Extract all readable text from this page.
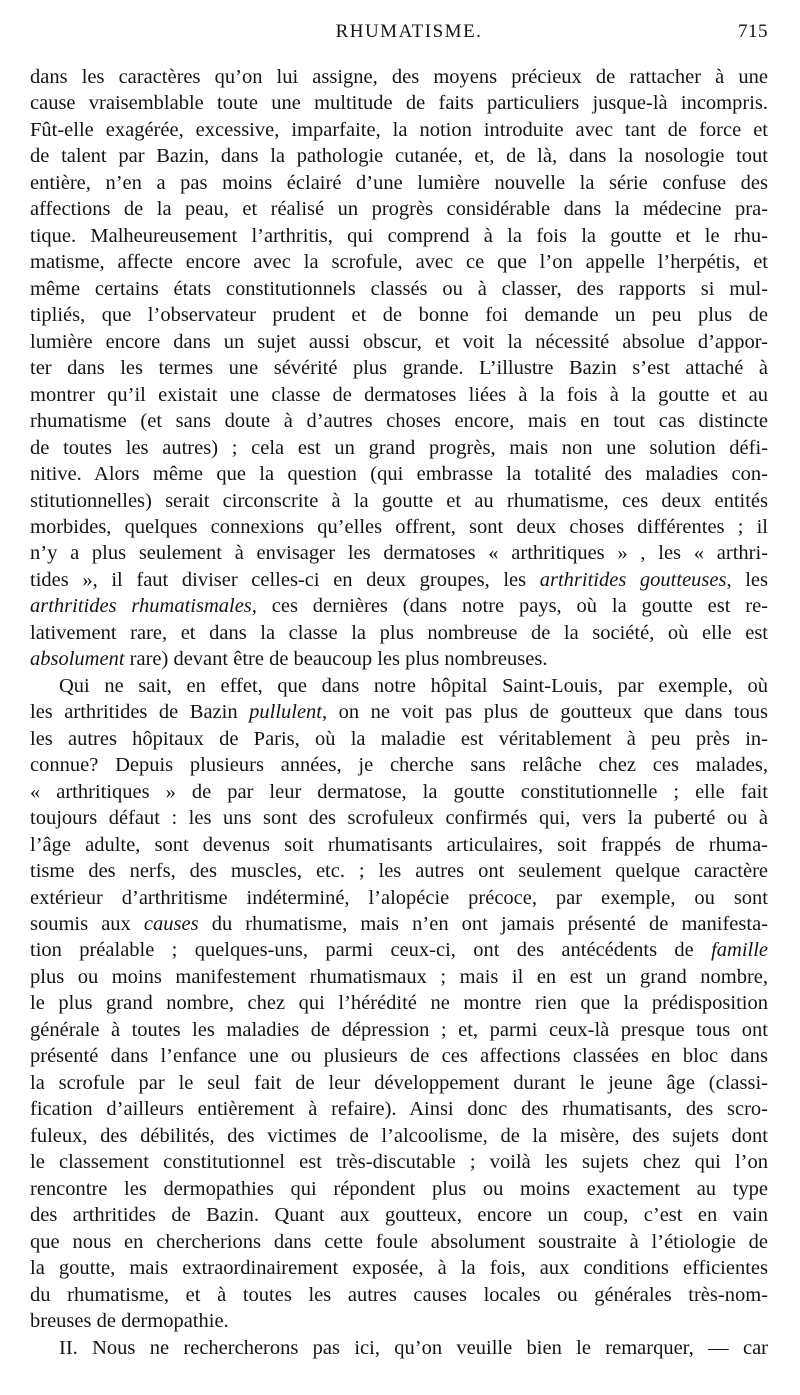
RHUMATISME.	715
dans les caractères qu’on lui assigne, des moyens précieux de rattacher à une
cause vraisemblable toute une multitude de faits particuliers jusque-là incompris.
Fût-elle exagérée, excessive, imparfaite, la notion introduite avec tant de force et
de talent par Bazin, dans la pathologie cutanée, et, de là, dans la nosologie tout
entière, n’en a pas moins éclairé d’une lumière nouvelle la série confuse des
affections de la peau, et réalisé un progrès considérable dans la médecine pra-
tique. Malheureusement l’arthritis, qui comprend à la fois la goutte et le rhu-
matisme, affecte encore avec la scrofule, avec ce que l’on appelle l’herpétis, et
même certains états constitutionnels classés ou à classer, des rapports si mul-
tipliés, que l’observateur prudent et de bonne foi demande un peu plus de
lumière encore dans un sujet aussi obscur, et voit la nécessité absolue d’appor-
ter dans les termes une sévérité plus grande. L’illustre Bazin s’est attaché à
montrer qu’il existait une classe de dermatoses liées à la fois à la goutte et au
rhumatisme (et sans doute à d’autres choses encore, mais en tout cas distincte
de toutes les autres) ; cela est un grand progrès, mais non une solution défi-
nitive. Alors même que la question (qui embrasse la totalité des maladies con-
stitutionnelles) serait circonscrite à la goutte et au rhumatisme, ces deux entités
morbides, quelques connexions qu’elles offrent, sont deux choses différentes ; il
n’y a plus seulement à envisager les dermatoses « arthritiques » , les « arthri-
tides », il faut diviser celles-ci en deux groupes, les arthritides goutteuses, les
arthritides rhumatismales, ces dernières (dans notre pays, où la goutte est re-
lativement rare, et dans la classe la plus nombreuse de la société, où elle est
absolument rare) devant être de beaucoup les plus nombreuses.
Qui ne sait, en effet, que dans notre hôpital Saint-Louis, par exemple, où
les arthritides de Bazin pullulent, on ne voit pas plus de goutteux que dans tous
les autres hôpitaux de Paris, où la maladie est véritablement à peu près in-
connue? Depuis plusieurs années, je cherche sans relâche chez ces malades,
« arthritiques » de par leur dermatose, la goutte constitutionnelle ; elle fait
toujours défaut : les uns sont des scrofuleux confirmés qui, vers la puberté ou à
l’âge adulte, sont devenus soit rhumatisants articulaires, soit frappés de rhuma-
tisme des nerfs, des muscles, etc. ; les autres ont seulement quelque caractère
extérieur d’arthritisme indéterminé, l’alopécie précoce, par exemple, ou sont
soumis aux causes du rhumatisme, mais n’en ont jamais présenté de manifesta-
tion préalable ; quelques-uns, parmi ceux-ci, ont des antécédents de famille
plus ou moins manifestement rhumatismaux ; mais il en est un grand nombre,
le plus grand nombre, chez qui l’hérédité ne montre rien que la prédisposition
générale à toutes les maladies de dépression ; et, parmi ceux-là presque tous ont
présenté dans l’enfance une ou plusieurs de ces affections classées en bloc dans
la scrofule par le seul fait de leur développement durant le jeune âge (classi-
fication d’ailleurs entièrement à refaire). Ainsi donc des rhumatisants, des scro-
fuleux, des débilités, des victimes de l’alcoolisme, de la misère, des sujets dont
le classement constitutionnel est très-discutable ; voilà les sujets chez qui l’on
rencontre les dermopathies qui répondent plus ou moins exactement au type
des arthritides de Bazin. Quant aux goutteux, encore un coup, c’est en vain
que nous en chercherions dans cette foule absolument soustraite à l’étiologie de
la goutte, mais extraordinairement exposée, à la fois, aux conditions efficientes
du rhumatisme, et à toutes les autres causes locales ou générales très-nom-
breuses de dermopathie.
II. Nous ne rechercherons pas ici, qu’on veuille bien le remarquer, — car
